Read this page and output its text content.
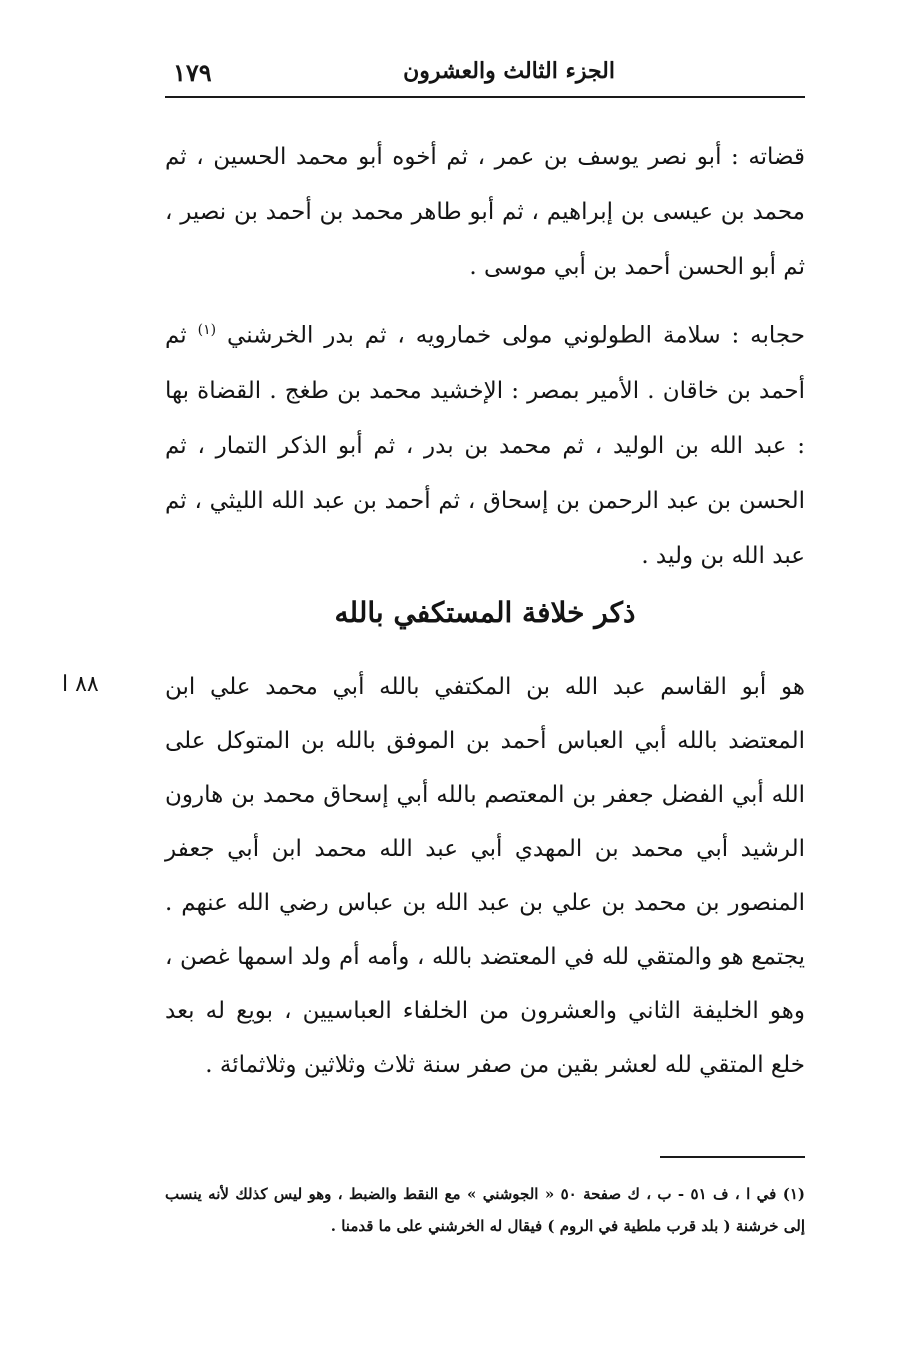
١٧٩	الجزء الثالث والعشرون
قضاته : أبو نصر يوسف بن عمر ، ثم أخوه أبو محمد الحسين ، ثم محمد بن عيسى بن إبراهيم ، ثم أبو طاهر محمد بن أحمد بن نصير ، ثم أبو الحسن أحمد بن أبي موسى .
حجابه : سلامة الطولوني مولى خمارويه ، ثم بدر الخرشني $^{(١)}$ ثم أحمد بن خاقان . الأمير بمصر : الإخشيد محمد بن طغج . القضاة بها : عبد الله بن الوليد ، ثم محمد بن بدر ، ثم أبو الذكر التمار ، ثم الحسن بن عبد الرحمن بن إسحاق ، ثم أحمد بن عبد الله الليثي ، ثم عبد الله بن وليد .
ذكر خلافة المستكفي بالله
٨٨ ا	هو أبو القاسم عبد الله بن المكتفي بالله أبي محمد علي ابن المعتضد بالله أبي العباس أحمد بن الموفق بالله بن المتوكل على الله أبي الفضل جعفر بن المعتصم بالله أبي إسحاق محمد بن هارون الرشيد أبي محمد بن المهدي أبي عبد الله محمد ابن أبي جعفر المنصور بن محمد بن علي بن عبد الله بن عباس رضي الله عنهم . يجتمع هو والمتقي لله في المعتضد بالله ، وأمه أم ولد اسمها غصن ، وهو الخليفة الثاني والعشرون من الخلفاء العباسيين ، بويع له بعد خلع المتقي لله لعشر بقين من صفر سنة ثلاث وثلاثين وثلاثمائة .
(١) في ا ، ف ٥١ - ب ، ك صفحة ٥٠ « الجوشني » مع النقط والضبط ، وهو ليس كذلك لأنه ينسب إلى خرشنة ( بلد قرب ملطية في الروم ) فيقال له الخرشني على ما قدمنا .
